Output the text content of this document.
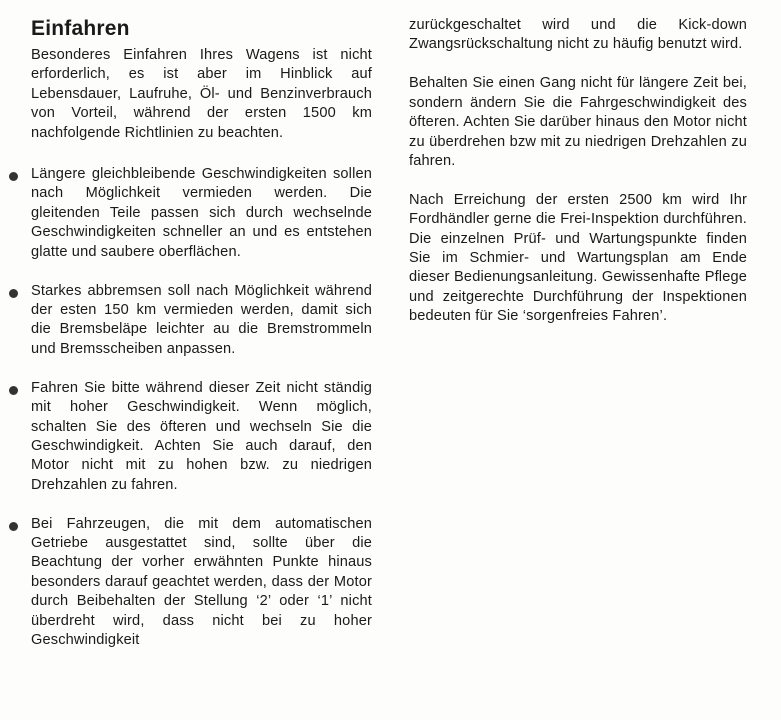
Einfahren

Besonderes Einfahren Ihres Wagens ist nicht erforderlich, es ist aber im Hinblick auf Lebensdauer, Laufruhe, Öl- und Benzinverbrauch von Vorteil, während der ersten 1500 km nachfolgende Richtlinien zu beachten.

Längere gleichbleibende Geschwindigkeiten sollen nach Möglichkeit vermieden werden. Die gleitenden Teile passen sich durch wechselnde Geschwindigkeiten schneller an und es entstehen glatte und saubere oberflächen.

Starkes abbremsen soll nach Möglichkeit während der esten 150 km vermieden werden, damit sich die Bremsbeläpe leichter au die Bremstrommeln und Bremsscheiben anpassen.

Fahren Sie bitte während dieser Zeit nicht ständig mit hoher Geschwindigkeit. Wenn möglich, schalten Sie des öfteren und wechseln Sie die Geschwindigkeit. Achten Sie auch darauf, den Motor nicht mit zu hohen bzw. zu niedrigen Drehzahlen zu fahren.

Bei Fahrzeugen, die mit dem automatischen Getriebe ausgestattet sind, sollte über die Beachtung der vorher erwähnten Punkte hinaus besonders darauf geachtet werden, dass der Motor durch Beibehalten der Stellung ‘2’ oder ‘1’ nicht überdreht wird, dass nicht bei zu hoher Geschwindigkeit

zurückgeschaltet wird und die Kick-down Zwangsrückschaltung nicht zu häufig benutzt wird.

Behalten Sie einen Gang nicht für längere Zeit bei, sondern ändern Sie die Fahrgeschwindigkeit des öfteren. Achten Sie darüber hinaus den Motor nicht zu überdrehen bzw mit zu niedrigen Drehzahlen zu fahren.

Nach Erreichung der ersten 2500 km wird Ihr Fordhändler gerne die Frei-Inspektion durchführen. Die einzelnen Prüf- und Wartungspunkte finden Sie im Schmier- und Wartungsplan am Ende dieser Bedienungsanleitung. Gewissenhafte Pflege und zeitgerechte Durchführung der Inspektionen bedeuten für Sie ‘sorgenfreies Fahren’.
